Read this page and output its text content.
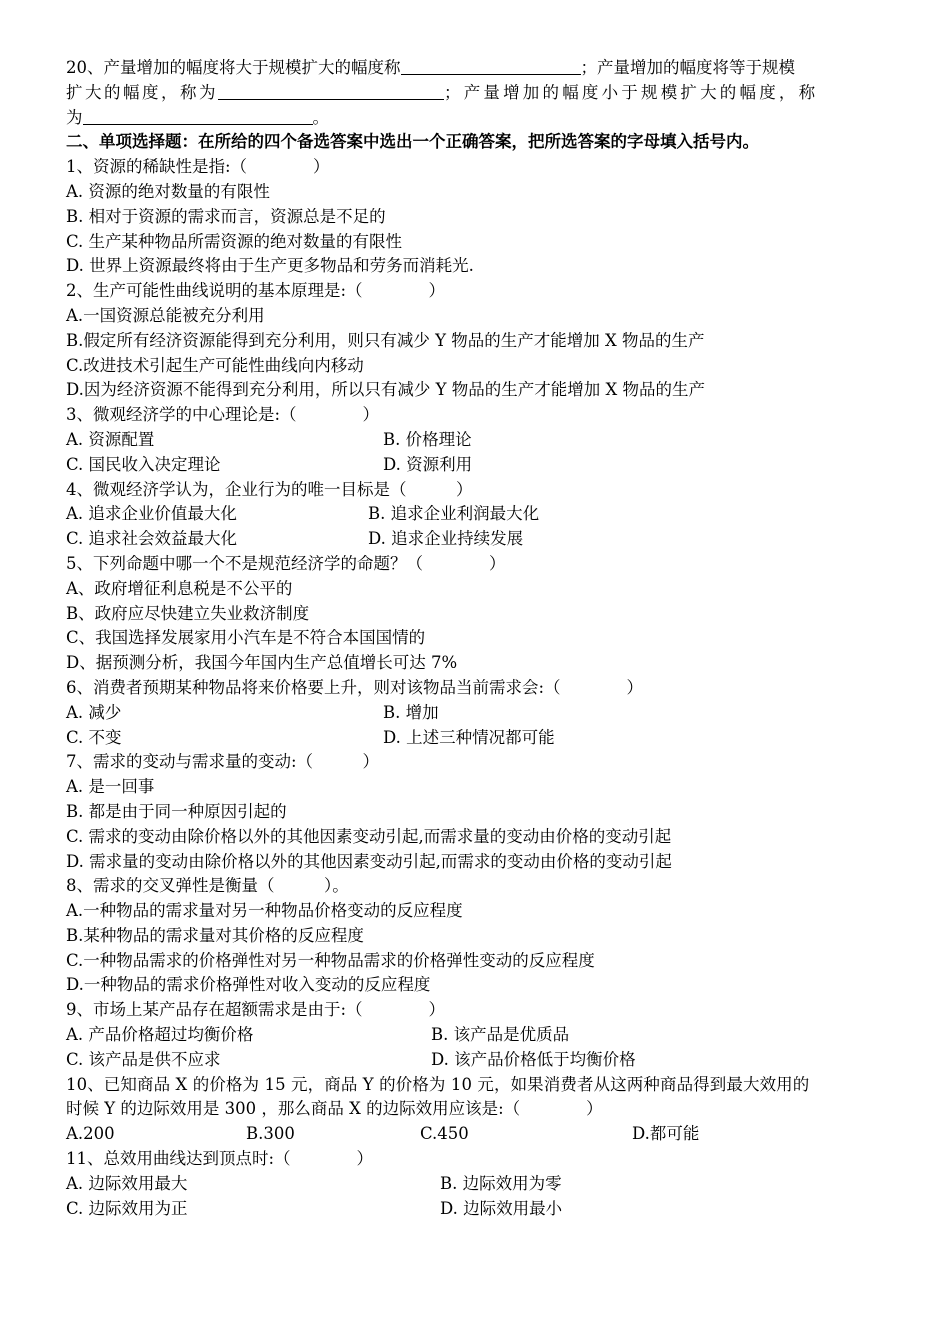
20、产量增加的幅度将大于规模扩大的幅度称	；产量增加的幅度将等于规模
扩大的幅度，称为	；产量增加的幅度小于规模扩大的幅度，称
为	。
二、单项选择题：在所给的四个备选答案中选出一个正确答案，把所选答案的字母填入括号内。
1、资源的稀缺性是指:（　　　　）
A. 资源的绝对数量的有限性
B. 相对于资源的需求而言，资源总是不足的
C. 生产某种物品所需资源的绝对数量的有限性
D. 世界上资源最终将由于生产更多物品和劳务而消耗光.
2、生产可能性曲线说明的基本原理是:（　　　　）
A.一国资源总能被充分利用
B.假定所有经济资源能得到充分利用，则只有减少 Y 物品的生产才能增加 X 物品的生产
C.改进技术引起生产可能性曲线向内移动
D.因为经济资源不能得到充分利用，所以只有减少 Y 物品的生产才能增加 X 物品的生产
3、微观经济学的中心理论是:（　　　　）
A. 资源配置	B. 价格理论
C. 国民收入决定理论	D. 资源利用
4、微观经济学认为，企业行为的唯一目标是（　　　）
A. 追求企业价值最大化	B. 追求企业利润最大化
C. 追求社会效益最大化	D. 追求企业持续发展
5、下列命题中哪一个不是规范经济学的命题？（　　　　）
A、政府增征利息税是不公平的
B、政府应尽快建立失业救济制度
C、我国选择发展家用小汽车是不符合本国国情的
D、据预测分析，我国今年国内生产总值增长可达 7%
6、消费者预期某种物品将来价格要上升，则对该物品当前需求会:（　　　　）
A. 减少	B. 增加
C. 不变	D. 上述三种情况都可能
7、需求的变动与需求量的变动:（　　　）
A. 是一回事
B. 都是由于同一种原因引起的
C. 需求的变动由除价格以外的其他因素变动引起,而需求量的变动由价格的变动引起
D. 需求量的变动由除价格以外的其他因素变动引起,而需求的变动由价格的变动引起
8、需求的交叉弹性是衡量（　　　）。
A.一种物品的需求量对另一种物品价格变动的反应程度
B.某种物品的需求量对其价格的反应程度
C.一种物品需求的价格弹性对另一种物品需求的价格弹性变动的反应程度
D.一种物品的需求价格弹性对收入变动的反应程度
9、市场上某产品存在超额需求是由于:（　　　　）
A. 产品价格超过均衡价格	B. 该产品是优质品
C. 该产品是供不应求	D. 该产品价格低于均衡价格
10、已知商品 X 的价格为 15 元，商品 Y 的价格为 10 元，如果消费者从这两种商品得到最大效用的
时候 Y 的边际效用是 300 ，那么商品 X 的边际效用应该是:（　　　　）
A.200	B.300	C.450	D.都可能
11、总效用曲线达到顶点时:（　　　　）
A. 边际效用最大	B. 边际效用为零
C. 边际效用为正	D. 边际效用最小
